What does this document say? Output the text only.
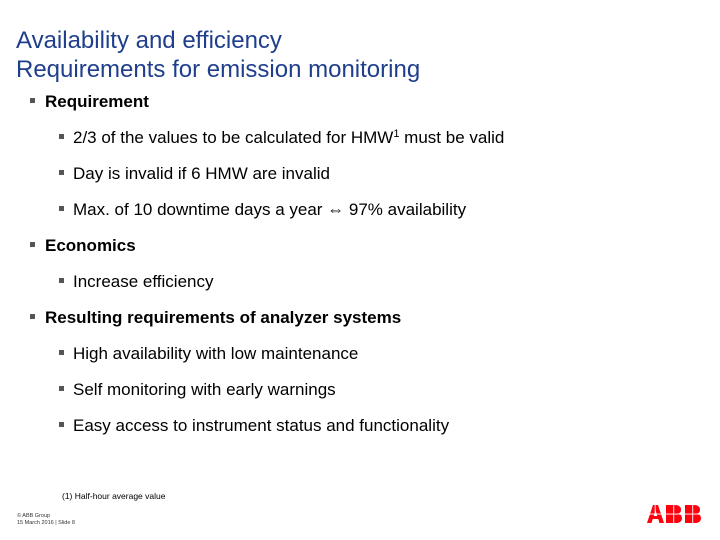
Availability and efficiency
Requirements for emission monitoring
Requirement
2/3 of the values to be calculated for HMW$^1$ must be valid
Day is invalid if 6 HMW are invalid
Max. of 10 downtime days a year ⇔ 97% availability
Economics
Increase efficiency
Resulting requirements of analyzer systems
High availability with low maintenance
Self monitoring with early warnings
Easy access to instrument status and functionality
(1) Half-hour average value
© ABB Group
15 March 2016 | Slide 8
